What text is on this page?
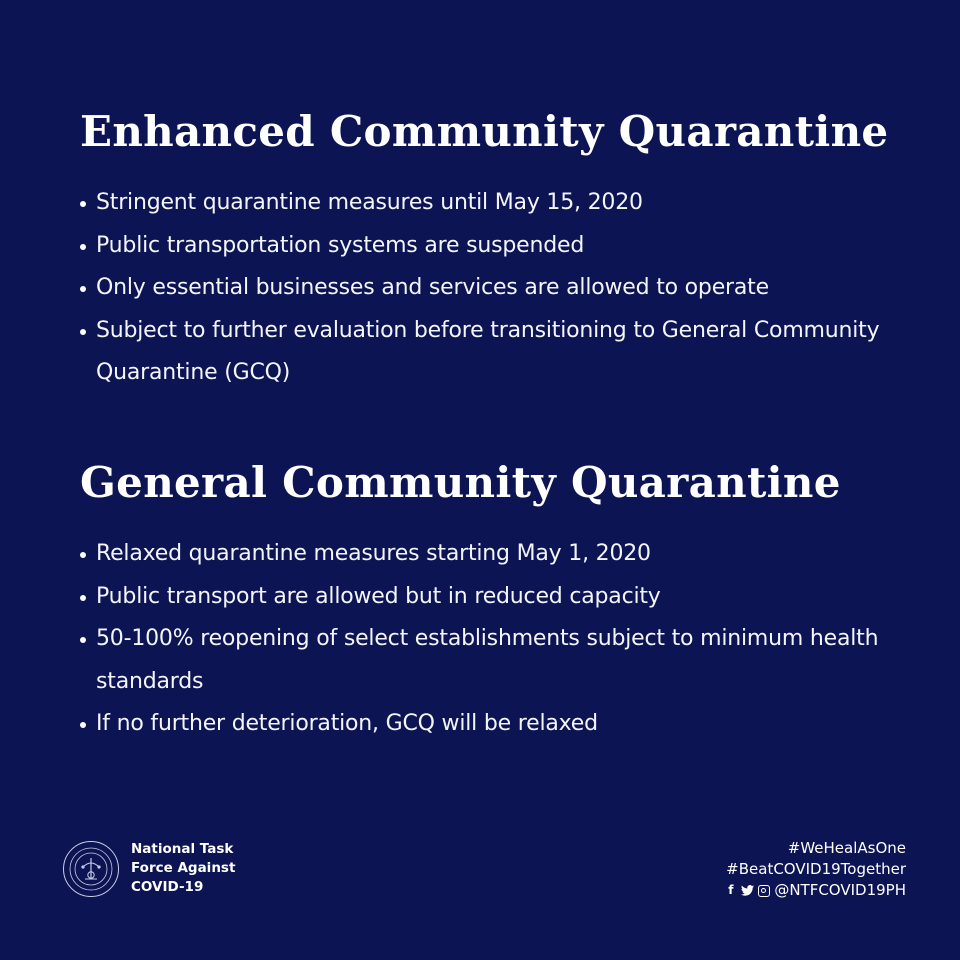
Enhanced Community Quarantine
Stringent quarantine measures until May 15, 2020
Public transportation systems are suspended
Only essential businesses and services are allowed to operate
Subject to further evaluation before transitioning to General Community Quarantine (GCQ)
General Community Quarantine
Relaxed quarantine measures starting May 1, 2020
Public transport are allowed but in reduced capacity
50-100% reopening of select establishments subject to minimum health standards
If no further deterioration, GCQ will be relaxed
National Task
Force Against
COVID-19
#WeHealAsOne
#BeatCOVID19Together
f	@NTFCOVID19PH
